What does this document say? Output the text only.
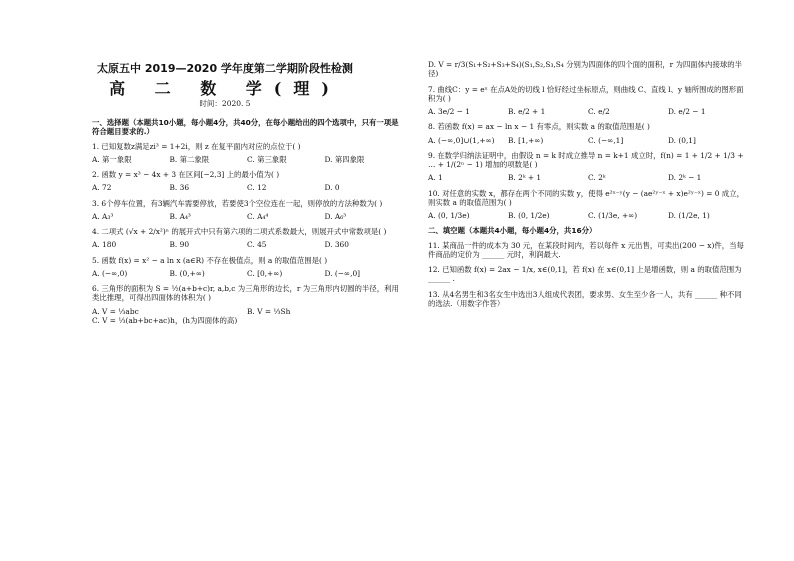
太原五中 2019—2020 学年度第二学期阶段性检测
高 二 数 学(理)
时间：2020. 5
一、选择题（本题共10小题，每小题4分，共40分，在每小题给出的四个选项中，只有一项是符合题目要求的.）
1. 已知复数z满足zi³ = 1+2i，则 z 在复平面内对应的点位于( )
A. 第一象限	B. 第二象限	C. 第三象限	D. 第四象限
2. 函数 y = x³ − 4x + 3 在区间[−2,3] 上的最小值为( )
A. 72	B. 36	C. 12	D. 0
3. 6个停车位置，有3辆汽车需要停放，若要使3个空位连在一起，则停放的方法种数为( )
A. A₃³	B. A₄³	C. A₄⁴	D. A₆³
4. 二项式 (√x + 2/x²)ⁿ 的展开式中只有第六项的二项式系数最大，则展开式中常数项是( )
A. 180	B. 90	C. 45	D. 360
5. 函数 f(x) = x² − a ln x (a∈R) 不存在极值点，则 a 的取值范围是( )
A. (−∞,0)	B. (0,+∞)	C. [0,+∞)	D. (−∞,0]
6. 三角形的面积为 S = ½(a+b+c)r, a,b,c 为三角形的边长，r 为三角形内切圆的半径，利用类比推理，可得出四面体的体积为( )
A. V = ⅓abc	B. V = ⅓Sh
C. V = ⅓(ab+bc+ac)h，(h为四面体的高)
D. V = r/3(S₁+S₂+S₃+S₄)(S₁,S₂,S₃,S₄ 分别为四面体的四个面的面积，r 为四面体内接球的半径)
7. 曲线C：y = eˣ 在点A处的切线 l 恰好经过坐标原点，则曲线 C、直线 l、y 轴所围成的图形面积为( )
A. 3e/2 − 1	B. e/2 + 1	C. e/2	D. e/2 − 1
8. 若函数 f(x) = ax − ln x − 1 有零点，则实数 a 的取值范围是( )
A. (−∞,0]∪(1,+∞)	B. [1,+∞)	C. (−∞,1]	D. (0,1]
9. 在数学归纳法证明中，由假设 n = k 时成立推导 n = k+1 成立时，f(n) = 1 + 1/2 + 1/3 + … + 1/(2ⁿ − 1) 增加的项数是( )
A. 1	B. 2ᵏ + 1	C. 2ᵏ	D. 2ᵏ − 1
10. 对任意的实数 x，都存在两个不同的实数 y，使得 e²ˣ⁻ʸ(y − (ae²ʸ⁻ˣ + x)e²ʸ⁻ˣ) = 0 成立，则实数 a 的取值范围为( )
A. (0, 1/3e)	B. (0, 1/2e)	C. (1/3e, +∞)	D. (1/2e, 1)
二、填空题（本题共4小题，每小题4分，共16分）
11. 某商品一件的成本为 30 元，在某段时间内，若以每件 x 元出售，可卖出(200 − x)件，当每件商品的定价为 ______ 元时，利润最大.
12. 已知函数 f(x) = 2ax − 1/x, x∈(0,1]，若 f(x) 在 x∈(0,1] 上是增函数，则 a 的取值范围为 ______ .
13. 从4名男生和3名女生中选出3人组成代表团，要求男、女生至少各一人，共有 ______ 种不同的选法.（用数字作答）
